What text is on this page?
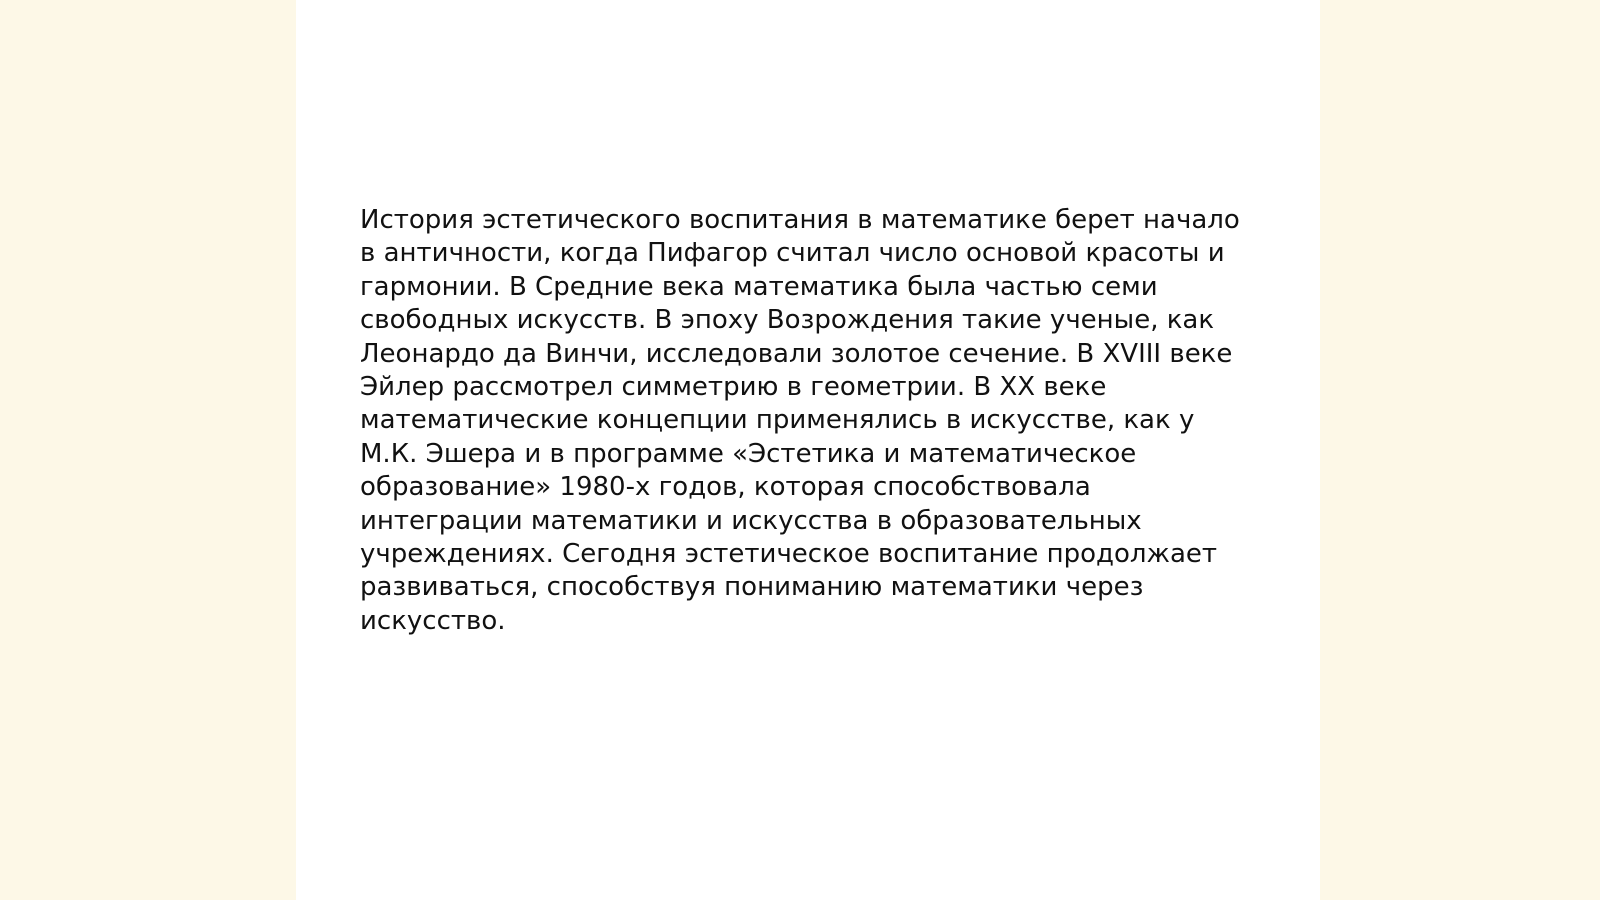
История эстетического воспитания в математике берет начало
в античности, когда Пифагор считал число основой красоты и
гармонии. В Средние века математика была частью семи
свободных искусств. В эпоху Возрождения такие ученые, как
Леонардо да Винчи, исследовали золотое сечение. В XVIII веке
Эйлер рассмотрел симметрию в геометрии. В XX веке
математические концепции применялись в искусстве, как у
М.К. Эшера и в программе «Эстетика и математическое
образование» 1980-х годов, которая способствовала
интеграции математики и искусства в образовательных
учреждениях. Сегодня эстетическое воспитание продолжает
развиваться, способствуя пониманию математики через
искусство.
